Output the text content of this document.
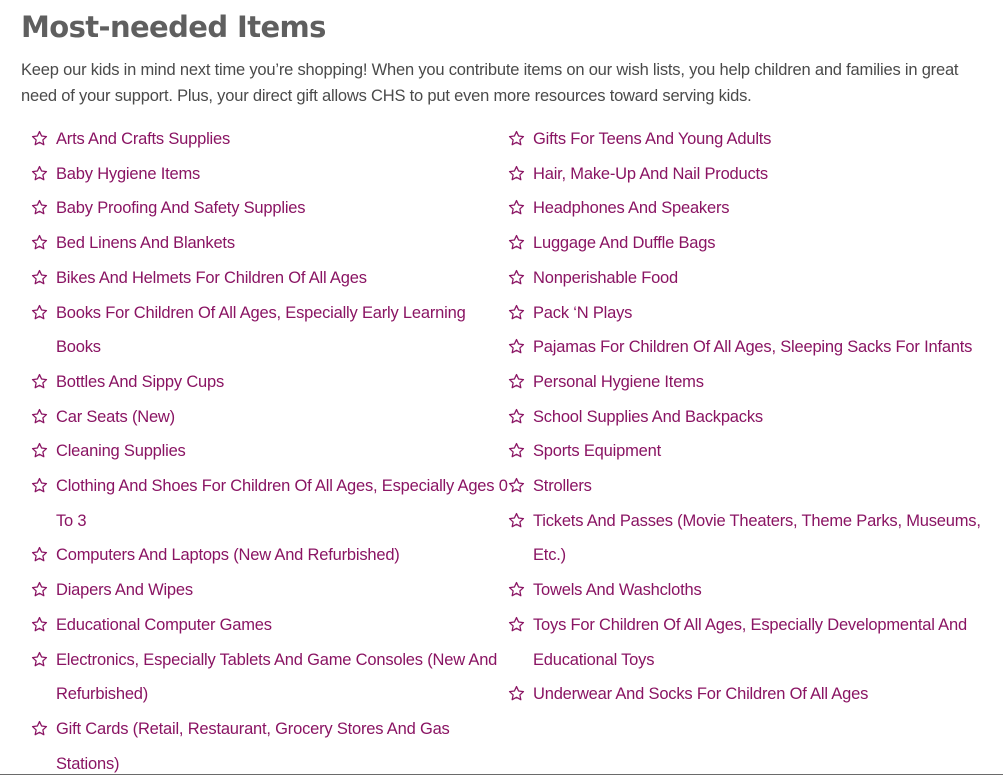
Most-needed Items

Keep our kids in mind next time you’re shopping! When you contribute items on our wish lists, you help children and families in great need of your support. Plus, your direct gift allows CHS to put even more resources toward serving kids.

Arts And Crafts Supplies
Baby Hygiene Items
Baby Proofing And Safety Supplies
Bed Linens And Blankets
Bikes And Helmets For Children Of All Ages
Books For Children Of All Ages, Especially Early Learning Books
Bottles And Sippy Cups
Car Seats (New)
Cleaning Supplies
Clothing And Shoes For Children Of All Ages, Especially Ages 0 To 3
Computers And Laptops (New And Refurbished)
Diapers And Wipes
Educational Computer Games
Electronics, Especially Tablets And Game Consoles (New And Refurbished)
Gift Cards (Retail, Restaurant, Grocery Stores And Gas Stations)
Gifts For Teens And Young Adults
Hair, Make-Up And Nail Products
Headphones And Speakers
Luggage And Duffle Bags
Nonperishable Food
Pack ‘N Plays
Pajamas For Children Of All Ages, Sleeping Sacks For Infants
Personal Hygiene Items
School Supplies And Backpacks
Sports Equipment
Strollers
Tickets And Passes (Movie Theaters, Theme Parks, Museums, Etc.)
Towels And Washcloths
Toys For Children Of All Ages, Especially Developmental And Educational Toys
Underwear And Socks For Children Of All Ages
